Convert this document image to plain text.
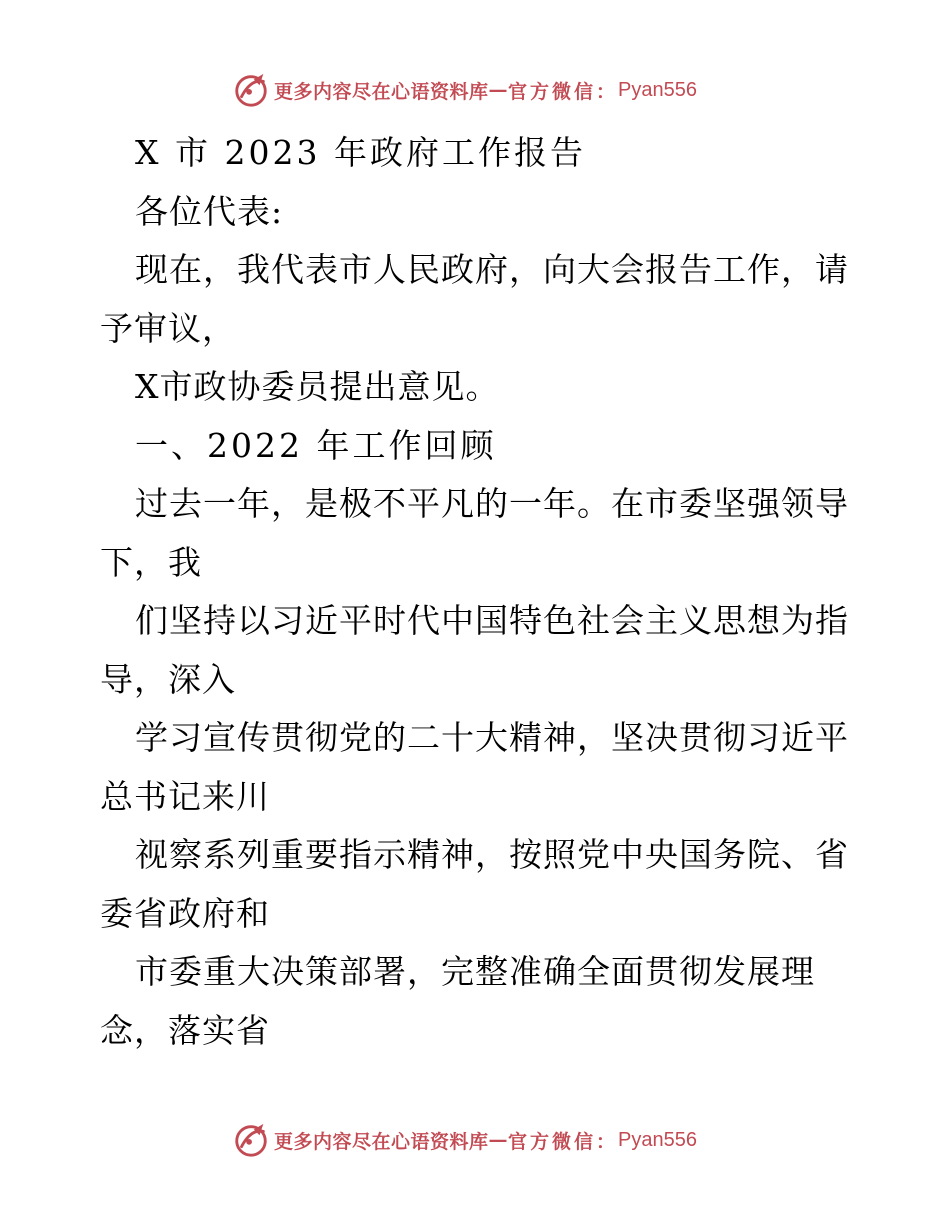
更多内容尽在心语资料库 — 官方微信： Pyan556

X 市 2023 年政府工作报告

各位代表:

现在，我代表市人民政府，向大会报告工作，请予审议，

X市政协委员提出意见。

一、2022 年工作回顾

过去一年，是极不平凡的一年。在市委坚强领导下，我

们坚持以习近平时代中国特色社会主义思想为指导，深入

学习宣传贯彻党的二十大精神，坚决贯彻习近平总书记来川

视察系列重要指示精神，按照党中央国务院、省委省政府和

市委重大决策部署，完整准确全面贯彻发展理念，落实省

更多内容尽在心语资料库 — 官方微信： Pyan556
